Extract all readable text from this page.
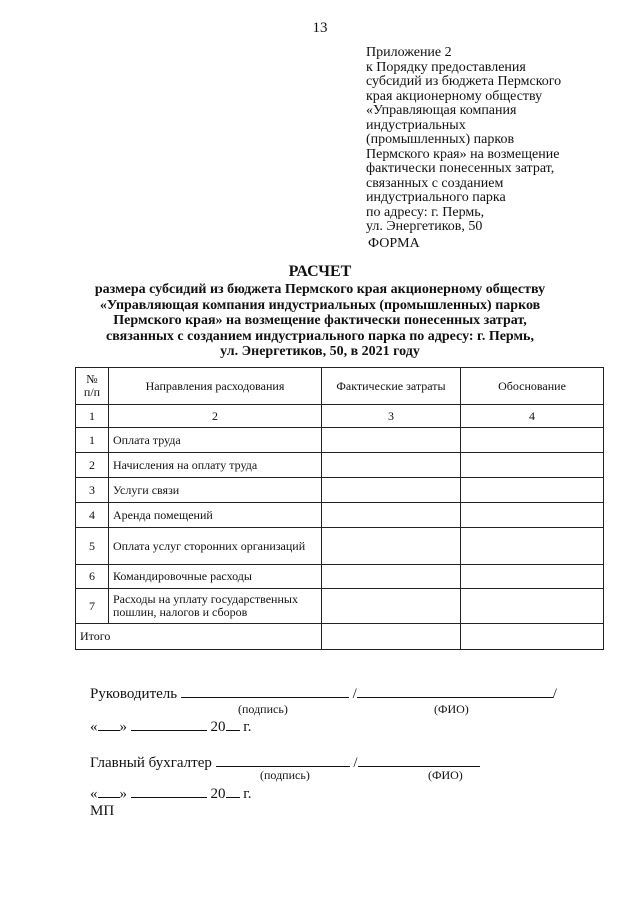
13
Приложение 2
к Порядку предоставления
субсидий из бюджета Пермского
края акционерному обществу
«Управляющая компания
индустриальных
(промышленных) парков
Пермского края» на возмещение
фактически понесенных затрат,
связанных с созданием
индустриального парка
по адресу: г. Пермь,
ул. Энергетиков, 50
ФОРМА
РАСЧЕТ
размера субсидий из бюджета Пермского края акционерному обществу
«Управляющая компания индустриальных (промышленных) парков
Пермского края» на возмещение фактически понесенных затрат,
связанных с созданием индустриального парка по адресу: г. Пермь,
ул. Энергетиков, 50, в 2021 году
№ п/п	Направления расходования	Фактические затраты	Обоснование
1	2	3	4
1	Оплата труда		
2	Начисления на оплату труда		
3	Услуги связи		
4	Аренда помещений		
5	Оплата услуг сторонних организаций		
6	Командировочные расходы		
7	Расходы на уплату государственных пошлин, налогов и сборов		
Итого			
Руководитель	/	/
(подпись)	(ФИО)
« »	20 г.
Главный бухгалтер	/
(подпись)	(ФИО)
« »	20 г.
МП
